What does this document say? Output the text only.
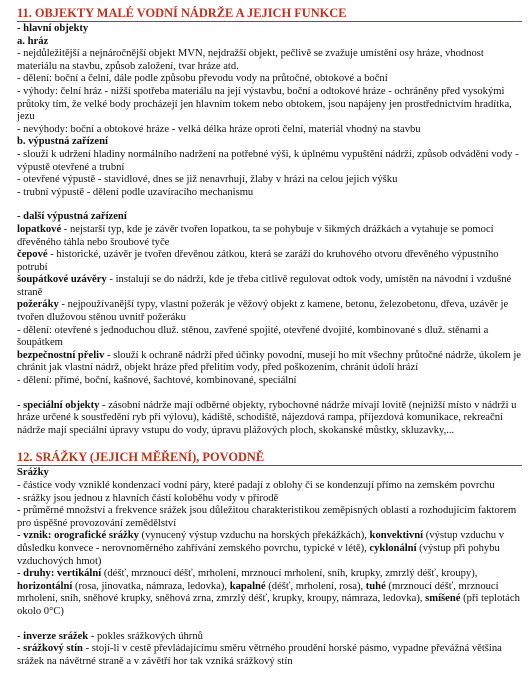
11. OBJEKTY MALÉ VODNÍ NÁDRŽE A JEJICH FUNKCE

- hlavní objekty

a. hráz

- nejdůležitější a nejnáročnější objekt MVN, nejdražší objekt, pečlivě se zvažuje umístění osy hráze, vhodnost materiálu na stavbu, způsob založení, tvar hráze atd.

- dělení: boční a čelní, dále podle způsobu převodu vody na průtočné, obtokové a boční

- výhody: čelní hráz - nižší spotřeba materiálu na její výstavbu, boční a odtokové hráze - ochráněny před vysokými průtoky tím, že velké body procházejí jen hlavním tokem nebo obtokem, jsou napájeny jen prostřednictvím hradítka, jezu

- nevýhody: boční a obtokové hráze - velká délka hráze oproti čelní, materiál vhodný na stavbu

b. výpustná zařízení

- slouží k udržení hladiny normálního nadržení na potřebné výši, k úplnému vypuštění nádrží, způsob odvádění vody - výpustě otevřené a trubní

- otevřené výpustě - stavidlové, dnes se již nenavrhují, žlaby v hrázi na celou jejich výšku

- trubní výpustě - dělení podle uzavíracího mechanismu

- další výpustná zařízení

lopatkové - nejstarší typ, kde je závěr tvořen lopatkou, ta se pohybuje v šikmých drážkách a vytahuje se pomocí dřevěného táhla nebo šroubové tyče

čepové - historické, uzávěr je tvořen dřevěnou zátkou, která se zaráží do kruhového otvoru dřevěného výpustního potrubí

šoupátkové uzávěry - instalují se do nádrží, kde je třeba citlivě regulovat odtok vody, umístěn na návodní i vzdušné straně

požeráky - nejpoužívanější typy, vlastní požerák je věžový objekt z kamene, betonu, železobetonu, dřeva, uzávěr je tvořen dlužovou stěnou uvnitř požeráku

- dělení: otevřené s jednoduchou dluž. stěnou, zavřené spojité, otevřené dvojité, kombinované s dluž. stěnami a šoupátkem

bezpečnostní přeliv - slouží k ochraně nádrží před účinky povodní, musejí ho mít všechny průtočné nádrže, úkolem je chránit jak vlastní nádrž, objekt hráze před přelitím vody, před poškozením, chránit údolí hrází

- dělení: přímé, boční, kašnové, šachtové, kombinované, speciální

- speciální objekty - zásobní nádrže mají odběrné objekty, rybochovné nádrže mívají lovitě (nejnižší místo v nádrži u hráze určené k soustředění ryb při výlovu), kádiště, schodiště, nájezdová rampa, příjezdová komunikace, rekreační nádrže mají speciální úpravy vstupu do vody, úpravu plážových ploch, skokanské můstky, skluzavky,...

12. SRÁŽKY (JEJICH MĚŘENÍ), POVODNĚ

Srážky

- částice vody vzniklé kondenzací vodní páry, které padají z oblohy či se kondenzují přímo na zemském povrchu

- srážky jsou jednou z hlavních částí koloběhu vody v přírodě

- průměrné množství a frekvence srážek jsou důležitou charakteristikou zeměpisných oblastí a rozhodujícím faktorem pro úspěšné provozování zemědělství

- vznik: orografické srážky (vynucený výstup vzduchu na horských překážkách), konvektivní (výstup vzduchu v důsledku konvece - nerovnoměrného zahřívání zemského povrchu, typické v létě), cyklonální (výstup při pohybu vzduchových hmot)

- druhy: vertikální (déšť, mrznoucí déšť, mrholení, mrznoucí mrholení, sníh, krupky, zmrzlý déšť, kroupy), horizontální (rosa, jinovatka, námraza, ledovka), kapalné (déšť, mrholení, rosa), tuhé (mrznoucí déšť, mrznoucí mrholení, sníh, sněhové krupky, sněhová zrna, zmrzlý déšť, krupky, kroupy, námraza, ledovka), smíšené (při teplotách okolo 0°C)

- inverze srážek - pokles srážkových úhrnů

- srážkový stín - stojí-li v cestě převládajícímu směru větrného proudění horské pásmo, vypadne převážná většina srážek na návětrné straně a v závětří hor tak vzniká srážkový stín
